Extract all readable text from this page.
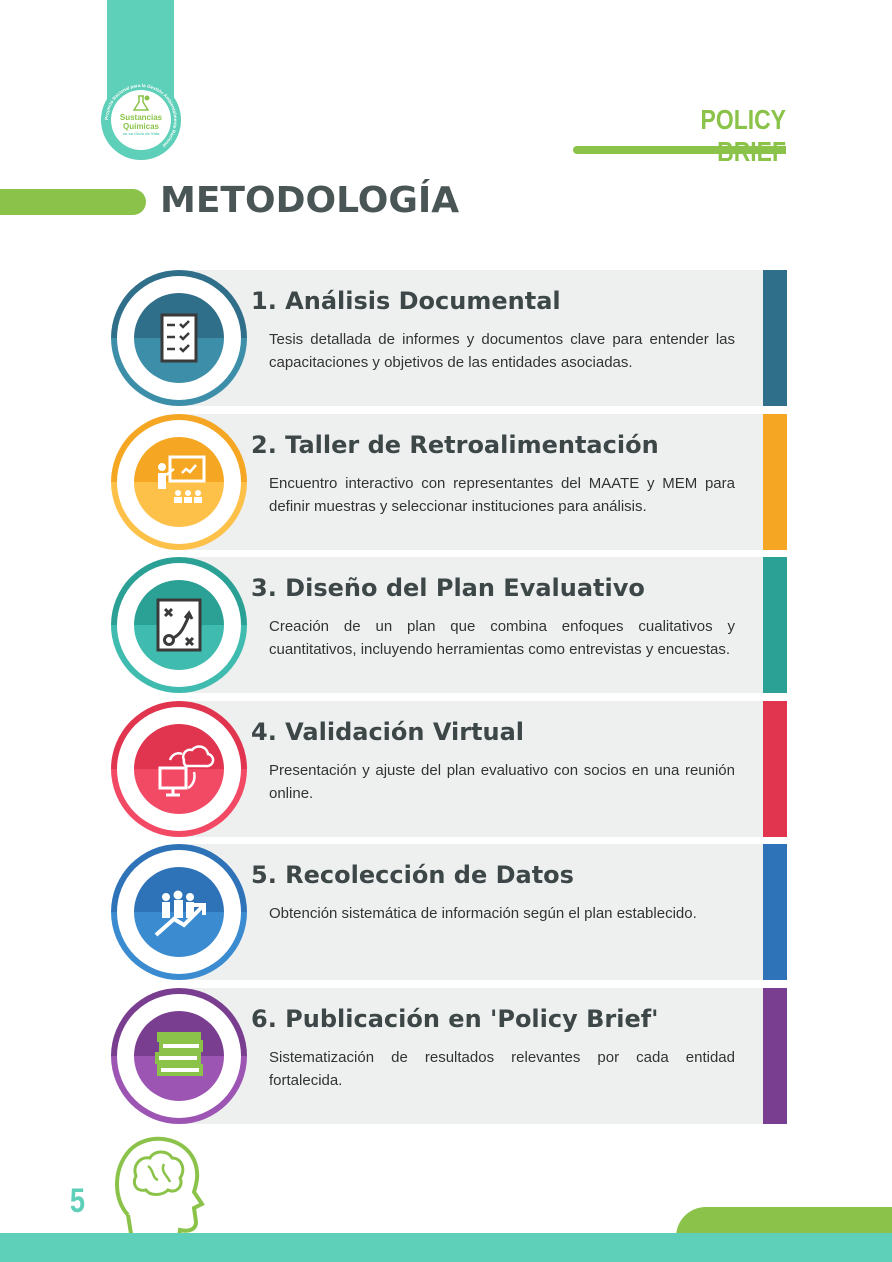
Proyecto Nacional para la Gestión Ambientalmente Racional
Sustancias
Químicas
en su Ciclo de Vida	POLICY
METODOLOGÍA
1. Análisis Documental
Tesis detallada de informes y documentos clave para entender las capacitaciones y objetivos de las entidades asociadas.
2. Taller de Retroalimentación
Encuentro interactivo con representantes del MAATE y MEM para definir muestras y seleccionar instituciones para análisis.
3. Diseño del Plan Evaluativo
Creación de un plan que combina enfoques cualitativos y cuantitativos, incluyendo herramientas como entrevistas y encuestas.
4. Validación Virtual
Presentación y ajuste del plan evaluativo con socios en una reunión online.
5. Recolección de Datos
Obtención sistemática de información según el plan establecido.
6. Publicación en 'Policy Brief'
Sistematización de resultados relevantes por cada entidad fortalecida.
5
